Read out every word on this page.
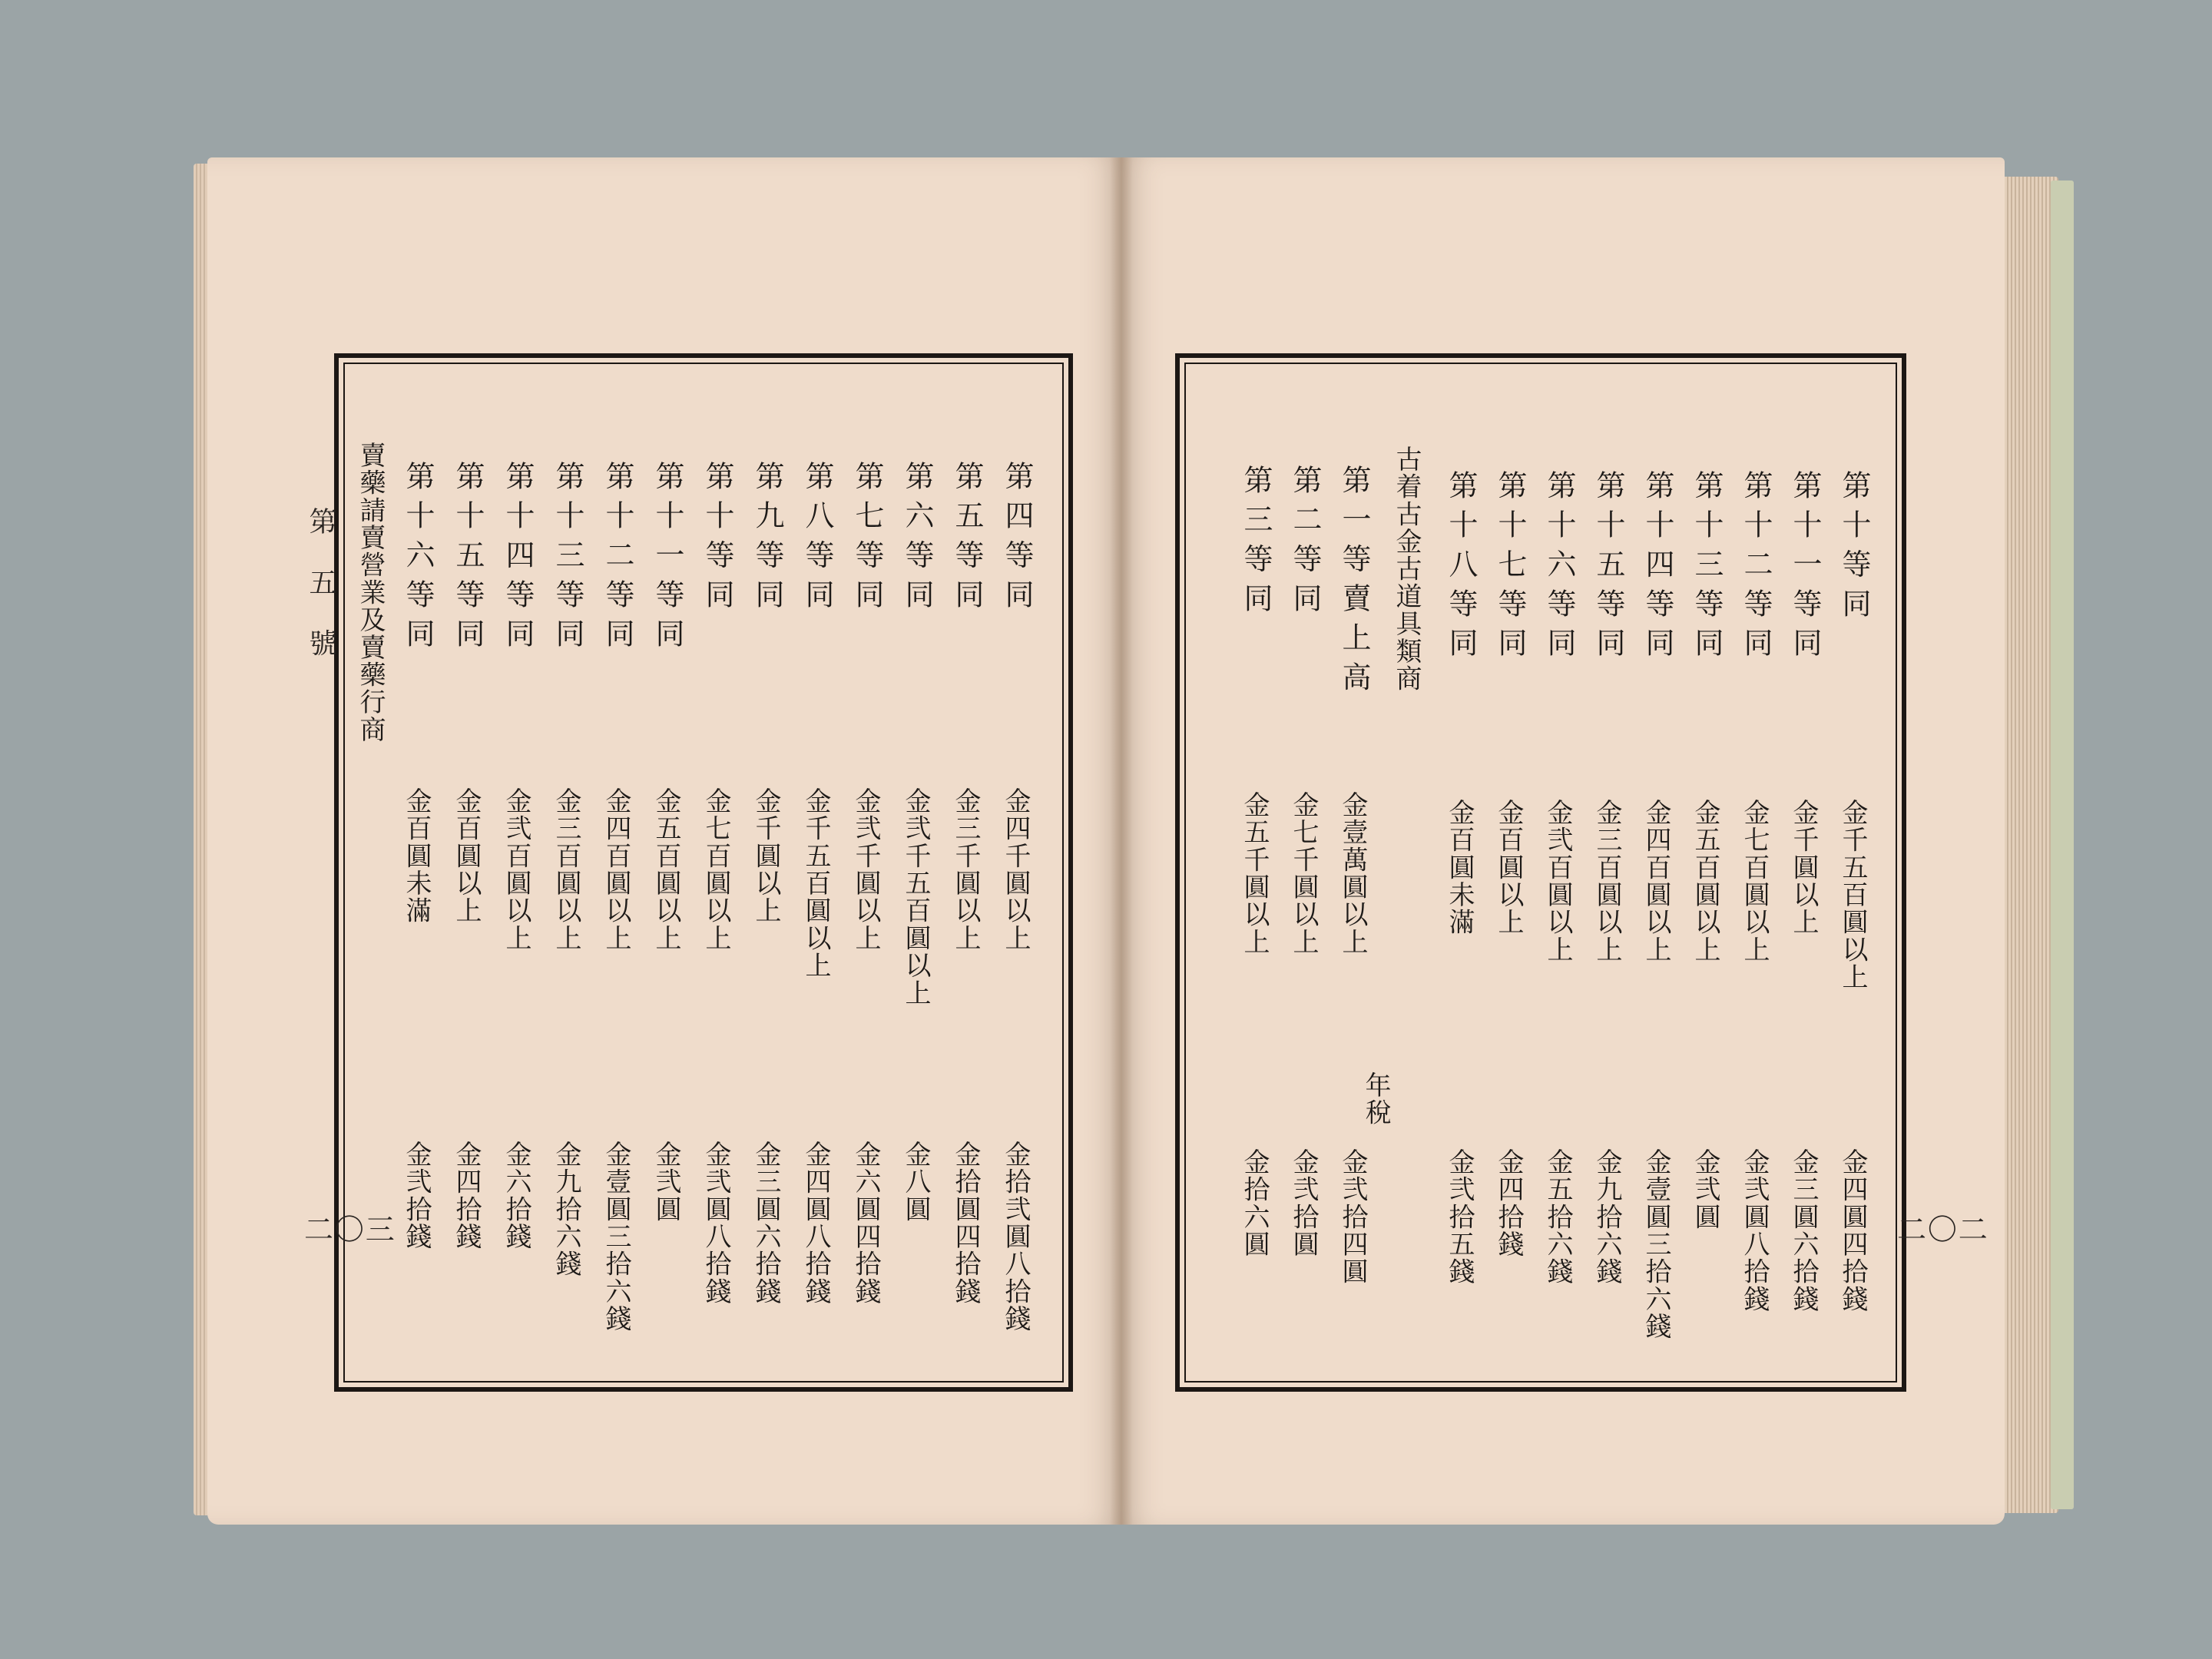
第五號
二〇三	二〇二
第四等同
金四千圓以上
金拾弐圓八拾錢
第五等同
金三千圓以上
金拾圓四拾錢
第六等同
金弐千五百圓以上
金八圓
第七等同
金弐千圓以上
金六圓四拾錢
第八等同
金千五百圓以上
金四圓八拾錢
第九等同
金千圓以上
金三圓六拾錢
第十等同
金七百圓以上
金弐圓八拾錢
第十一等同
金五百圓以上
金弐圓
第十二等同
金四百圓以上
金壹圓三拾六錢
第十三等同
金三百圓以上
金九拾六錢
第十四等同
金弐百圓以上
金六拾錢
第十五等同
金百圓以上
金四拾錢
第十六等同
金百圓未滿
金弐拾錢
賣藥請賣營業及賣藥行商	第十等同
金千五百圓以上
金四圓四拾錢
第十一等同
金千圓以上
金三圓六拾錢
第十二等同
金七百圓以上
金弐圓八拾錢
第十三等同
金五百圓以上
金弐圓
第十四等同
金四百圓以上
金壹圓三拾六錢
第十五等同
金三百圓以上
金九拾六錢
第十六等同
金弐百圓以上
金五拾六錢
第十七等同
金百圓以上
金四拾錢
第十八等同
金百圓未滿
金弐拾五錢
古着古金古道具類商
第一等賣上高
金壹萬圓以上
金弐拾四圓
第二等同
金七千圓以上
金弐拾圓
第三等同
金五千圓以上
金拾六圓
年稅
